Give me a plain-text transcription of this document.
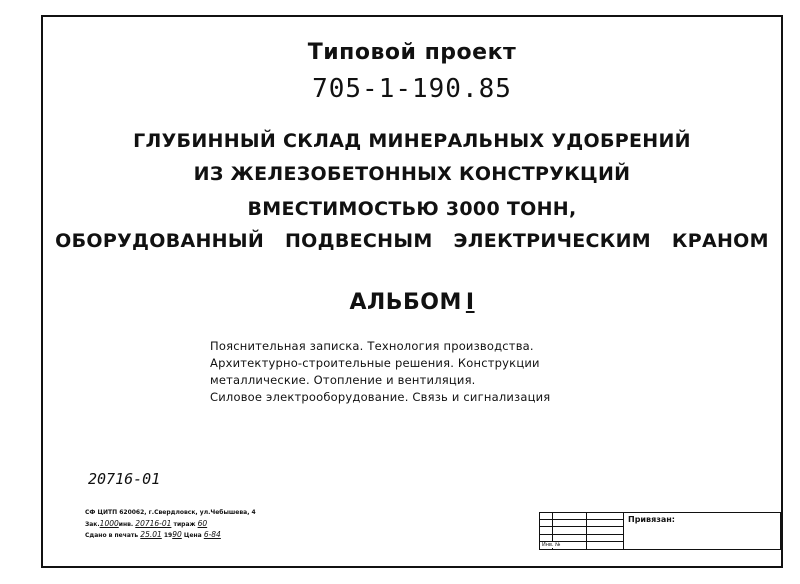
Типовой проект
705-1-190.85
ГЛУБИННЫЙ СКЛАД МИНЕРАЛЬНЫХ УДОБРЕНИЙ
ИЗ ЖЕЛЕЗОБЕТОННЫХ КОНСТРУКЦИЙ
ВМЕСТИМОСТЬЮ 3000 ТОНН,
ОБОРУДОВАННЫЙ ПОДВЕСНЫМ ЭЛЕКТРИЧЕСКИМ КРАНОМ
АЛЬБОМ I
Пояснительная записка. Технология производства.
Архитектурно-строительные решения. Конструкции
металлические. Отопление и вентиляция.
Силовое электрооборудование. Связь и сигнализация
20716-01
СФ ЦИТП 620062, г.Свердловск, ул.Чебышева, 4
Зак.1000инв. 20716-01 тираж 60
Сдано в печать 25.01 1990 Цена 6-84
Инв. №
Привязан:
